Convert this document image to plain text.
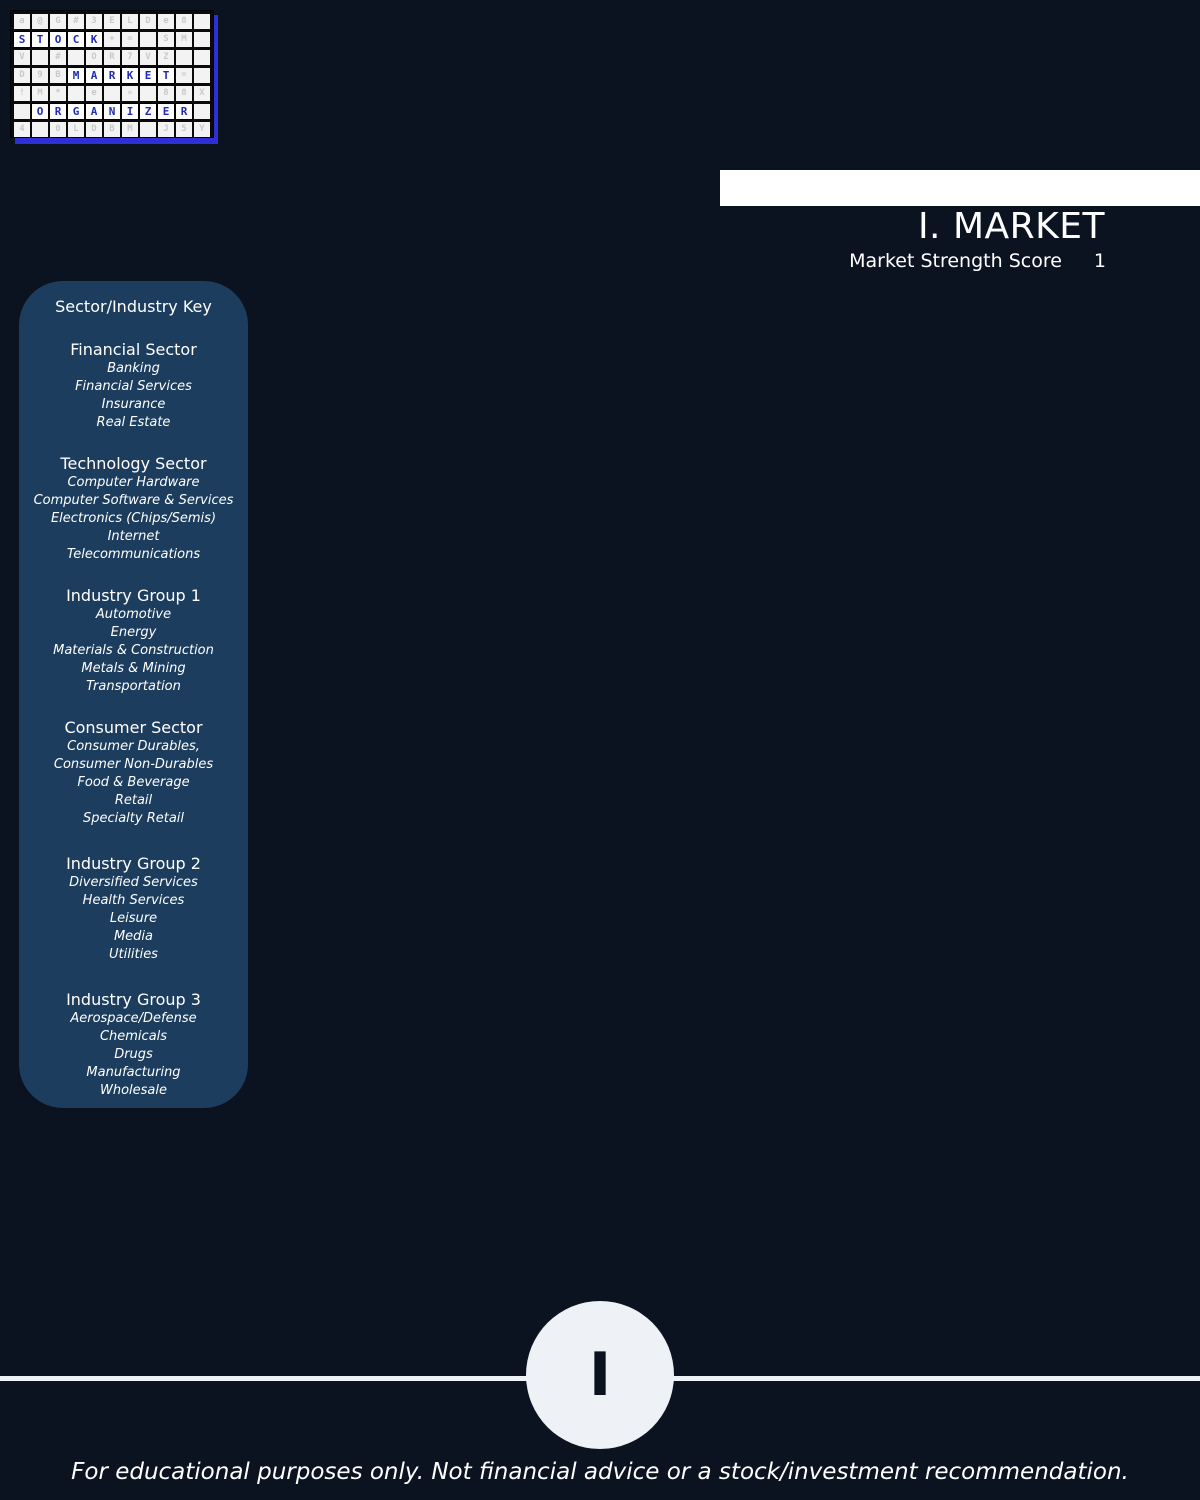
a	@	G	#	3	E	L	D	e	8
S	T	O	C	K	+	=	S	M
V	#	O	R	7	V	Z
D	9	B	M	A	R	K	E	T	=
!	M	*	e	»	8	8	X
O	R	G	A	N	I	Z	E	R
4	0	L	D	B	M	J	5	Y
I. MARKET
Market Strength Score 1
Sector/Industry Key
Financial Sector
Banking
Financial Services
Insurance
Real Estate
Technology Sector
Computer Hardware
Computer Software & Services
Electronics (Chips/Semis)
Internet
Telecommunications
Industry Group 1
Automotive
Energy
Materials & Construction
Metals & Mining
Transportation
Consumer Sector
Consumer Durables,
Consumer Non-Durables
Food & Beverage
Retail
Specialty Retail
Industry Group 2
Diversified Services
Health Services
Leisure
Media
Utilities
Industry Group 3
Aerospace/Defense
Chemicals
Drugs
Manufacturing
Wholesale
I
For educational purposes only. Not financial advice or a stock/investment recommendation.
